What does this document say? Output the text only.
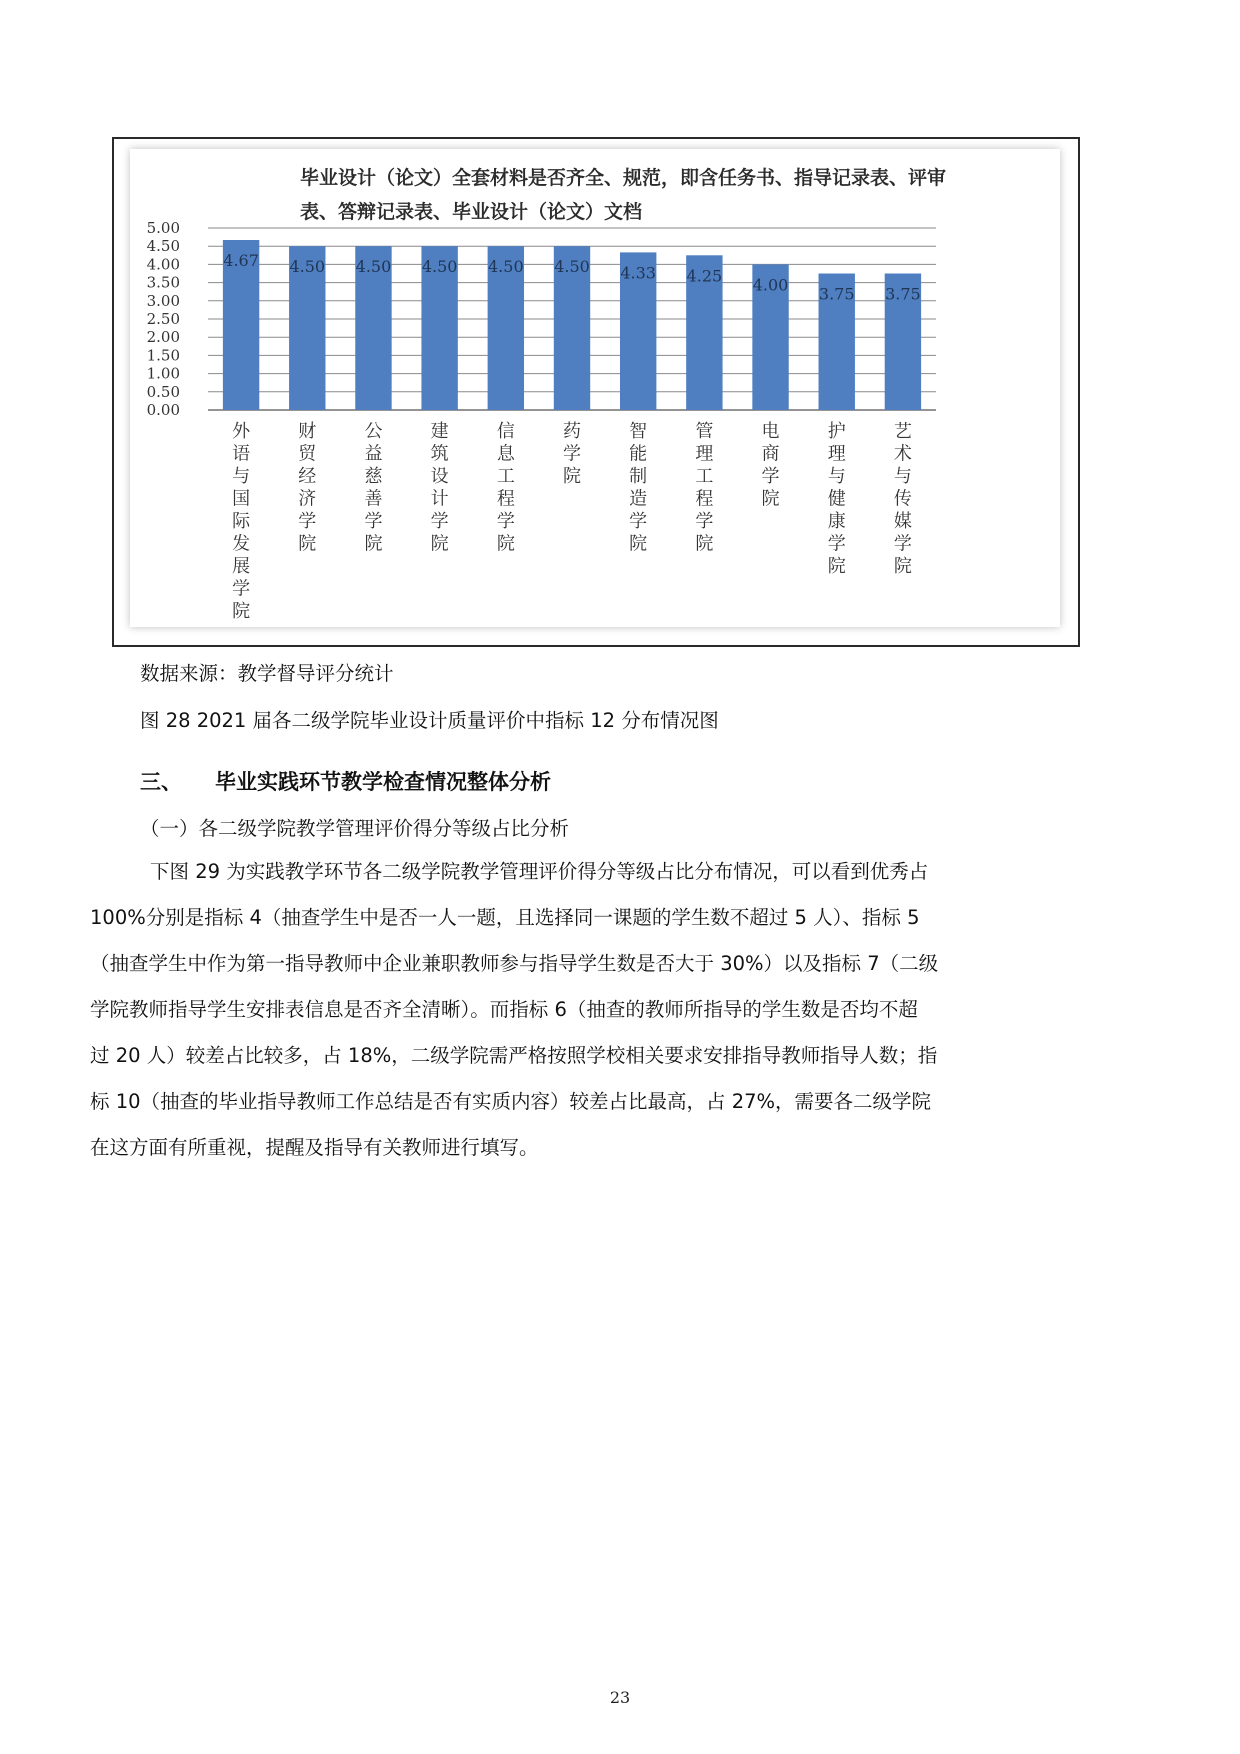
毕业设计（论文）全套材料是否齐全、规范，即含任务书、指导记录表、评审
表、答辩记录表、毕业设计（论文）文档
0.00
0.50
1.00
1.50
2.00
2.50
3.00
3.50
4.00
4.50
5.00
4.67
外
语
与
国
际
发
展
学
院
4.50
财
贸
经
济
学
院
4.50
公
益
慈
善
学
院
4.50
建
筑
设
计
学
院
4.50
信
息
工
程
学
院
4.50
药
学
院
4.33
智
能
制
造
学
院
4.25
管
理
工
程
学
院
4.00
电
商
学
院
3.75
护
理
与
健
康
学
院
3.75
艺
术
与
传
媒
学
院
数据来源：教学督导评分统计
图 28 2021 届各二级学院毕业设计质量评价中指标 12 分布情况图
三、 毕业实践环节教学检查情况整体分析
（一）各二级学院教学管理评价得分等级占比分析
下图 29 为实践教学环节各二级学院教学管理评价得分等级占比分布情况，可以看到优秀占
100%分别是指标 4（抽查学生中是否一人一题，且选择同一课题的学生数不超过 5 人）、指标 5
（抽查学生中作为第一指导教师中企业兼职教师参与指导学生数是否大于 30%）以及指标 7（二级
学院教师指导学生安排表信息是否齐全清晰）。而指标 6（抽查的教师所指导的学生数是否均不超
过 20 人）较差占比较多，占 18%，二级学院需严格按照学校相关要求安排指导教师指导人数；指
标 10（抽查的毕业指导教师工作总结是否有实质内容）较差占比最高，占 27%，需要各二级学院
在这方面有所重视，提醒及指导有关教师进行填写。
23
